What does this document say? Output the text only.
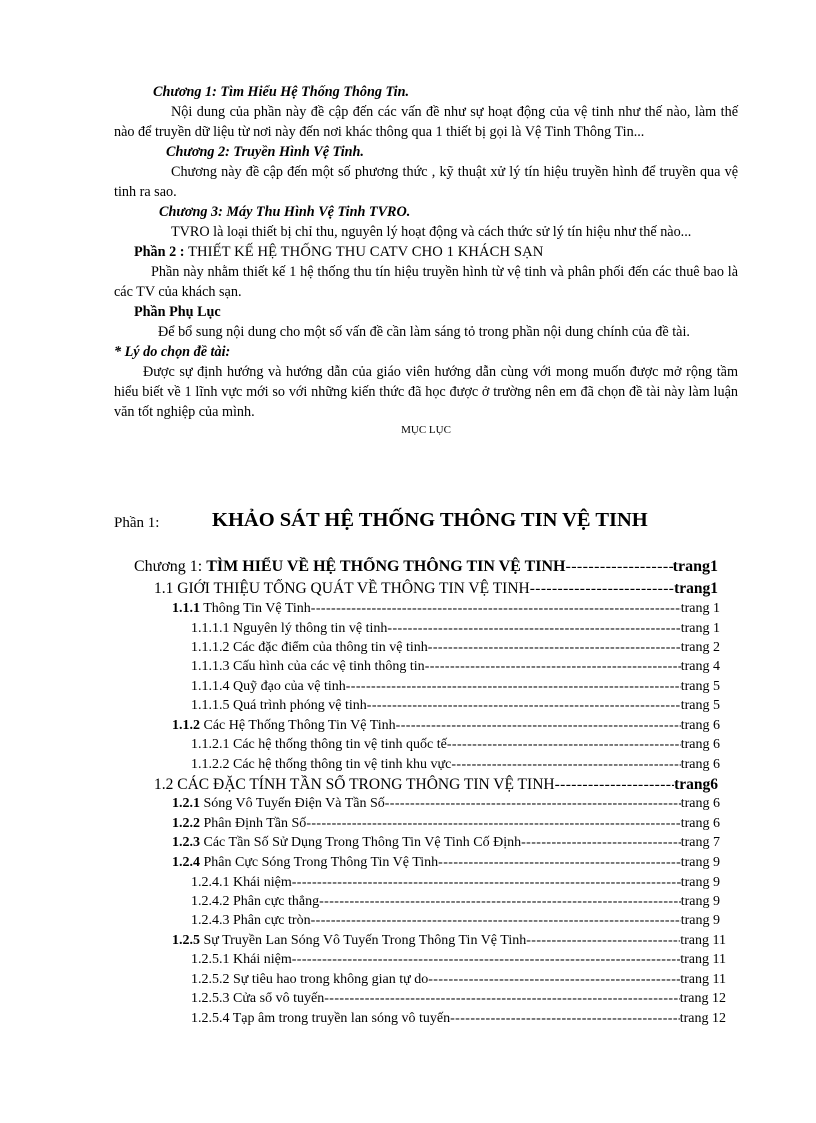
Chương 1: Tìm Hiểu Hệ Thống Thông Tin.
Nội dung của phần này đề cập đến các vấn đề như sự hoạt động của vệ tinh như thế nào, làm thế nào để truyền dữ liệu từ nơi này đến nơi khác thông qua 1 thiết bị gọi là Vệ Tinh Thông Tin...
Chương 2: Truyền Hình Vệ Tinh.
Chương này đề cập đến một số phương thức , kỹ thuật xử lý tín hiệu truyền hình để truyền qua vệ tinh ra sao.
Chương 3: Máy Thu Hình Vệ Tinh TVRO.
TVRO là loại thiết bị chỉ thu, nguyên lý hoạt động và cách thức sử lý tín hiệu như thế nào...
Phần 2 : THIẾT KẾ HỆ THỐNG THU CATV CHO 1 KHÁCH SẠN
Phần này nhằm thiết kế 1 hệ thống thu tín hiệu truyền hình từ vệ tinh và phân phối đến các thuê bao là các TV của khách sạn.
Phần Phụ Lục
Để bổ sung nội dung cho một số vấn đề cần làm sáng tỏ trong phần nội dung chính của đề tài.
* Lý do chọn đề tài:
Được sự định hướng và hướng dẫn của giáo viên hướng dẫn cùng với mong muốn được mở rộng tầm hiểu biết về 1 lĩnh vực mới so với những kiến thức đã học được ở trường nên em đã chọn đề tài này làm luận văn tốt nghiệp của mình.
MỤC LỤC
Phần 1:	KHẢO SÁT HỆ THỐNG THÔNG TIN VỆ TINH
Chương 1: TÌM HIỂU VỀ HỆ THỐNG THÔNG TIN VỆ TINH -----	trang1
1.1 GIỚI THIỆU TỔNG QUÁT VỀ THÔNG TIN VỆ TINH -----	trang1
1.1.1 Thông Tin Vệ Tinh -----	trang 1
1.1.1.1 Nguyên lý thông tin vệ tinh -----	trang 1
1.1.1.2 Các đặc điểm của thông tin vệ tinh -----	trang 2
1.1.1.3 Cấu hình của các vệ tinh thông tin -----	trang 4
1.1.1.4 Quỹ đạo của vệ tinh -----	trang 5
1.1.1.5 Quá trình phóng vệ tinh -----	trang 5
1.1.2 Các Hệ Thống Thông Tin Vệ Tinh -----	trang 6
1.1.2.1 Các hệ thống thông tin vệ tinh quốc tế -----	trang 6
1.1.2.2 Các hệ thống thông tin vệ tinh khu vực -----	trang 6
1.2 CÁC ĐẶC TÍNH TẦN SỐ TRONG THÔNG TIN VỆ TINH -----	trang6
1.2.1 Sóng Vô Tuyến Điện Và Tần Số -----	trang 6
1.2.2 Phân Định Tần Số -----	trang 6
1.2.3 Các Tần Số Sử Dụng Trong Thông Tin Vệ Tinh Cố Định -----	trang 7
1.2.4 Phân Cực Sóng Trong Thông Tin Vệ Tinh -----	trang 9
1.2.4.1 Khái niệm -----	trang 9
1.2.4.2 Phân cực thẳng -----	trang 9
1.2.4.3 Phân cực tròn -----	trang 9
1.2.5 Sự Truyền Lan Sóng Vô Tuyến Trong Thông Tin Vệ Tinh -----	trang 11
1.2.5.1 Khái niệm -----	trang 11
1.2.5.2 Sự tiêu hao trong không gian tự do -----	trang 11
1.2.5.3 Cửa sổ vô tuyến -----	trang 12
1.2.5.4 Tạp âm trong truyền lan sóng vô tuyến -----	trang 12
